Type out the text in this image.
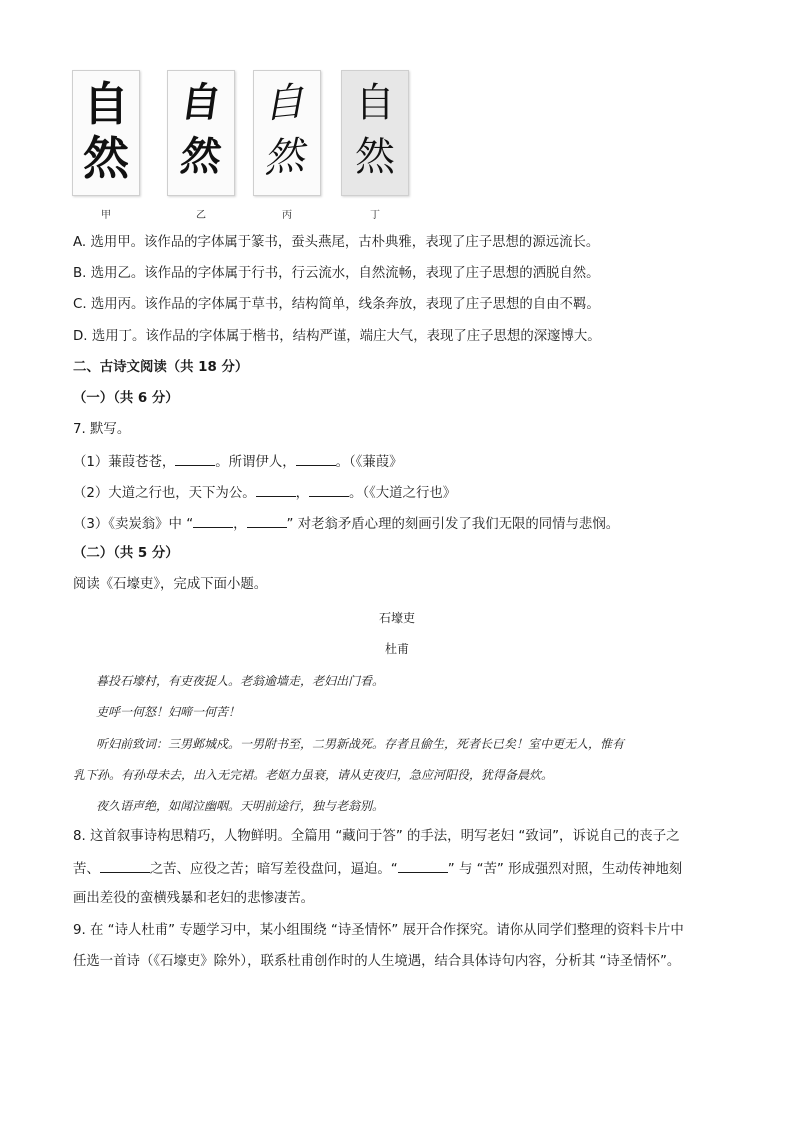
自
然
甲
自
然
乙
自
然
丙
自
然
丁
A. 选用甲。该作品的字体属于篆书，蚕头燕尾，古朴典雅，表现了庄子思想的源远流长。
B. 选用乙。该作品的字体属于行书，行云流水，自然流畅，表现了庄子思想的洒脱自然。
C. 选用丙。该作品的字体属于草书，结构简单，线条奔放，表现了庄子思想的自由不羁。
D. 选用丁。该作品的字体属于楷书，结构严谨，端庄大气，表现了庄子思想的深邃博大。
二、古诗文阅读（共 18 分）
（一）（共 6 分）
7. 默写。
（1）蒹葭苍苍，	。所谓伊人，	。（《蒹葭》
（2）大道之行也，天下为公。	，	。（《大道之行也》
（3）《卖炭翁》中 “	，	” 对老翁矛盾心理的刻画引发了我们无限的同情与悲悯。
（二）（共 5 分）
阅读《石壕吏》，完成下面小题。
石壕吏
杜甫
暮投石壕村，有吏夜捉人。老翁逾墙走，老妇出门看。
吏呼一何怒！妇啼一何苦！
听妇前致词：三男邺城戍。一男附书至，二男新战死。存者且偷生，死者长已矣！室中更无人，惟有
乳下孙。有孙母未去，出入无完裙。老妪力虽衰，请从吏夜归，急应河阳役，犹得备晨炊。
夜久语声绝，如闻泣幽咽。天明前途行，独与老翁别。
8. 这首叙事诗构思精巧，人物鲜明。全篇用 “藏问于答” 的手法，明写老妇 “致词”，诉说自己的丧子之
苦、	之苦、应役之苦；暗写差役盘问，逼迫。“	” 与 “苦” 形成强烈对照，生动传神地刻
画出差役的蛮横残暴和老妇的悲惨凄苦。
9. 在 “诗人杜甫” 专题学习中，某小组围绕 “诗圣情怀” 展开合作探究。请你从同学们整理的资料卡片中
任选一首诗（《石壕吏》除外），联系杜甫创作时的人生境遇，结合具体诗句内容，分析其 “诗圣情怀”。
